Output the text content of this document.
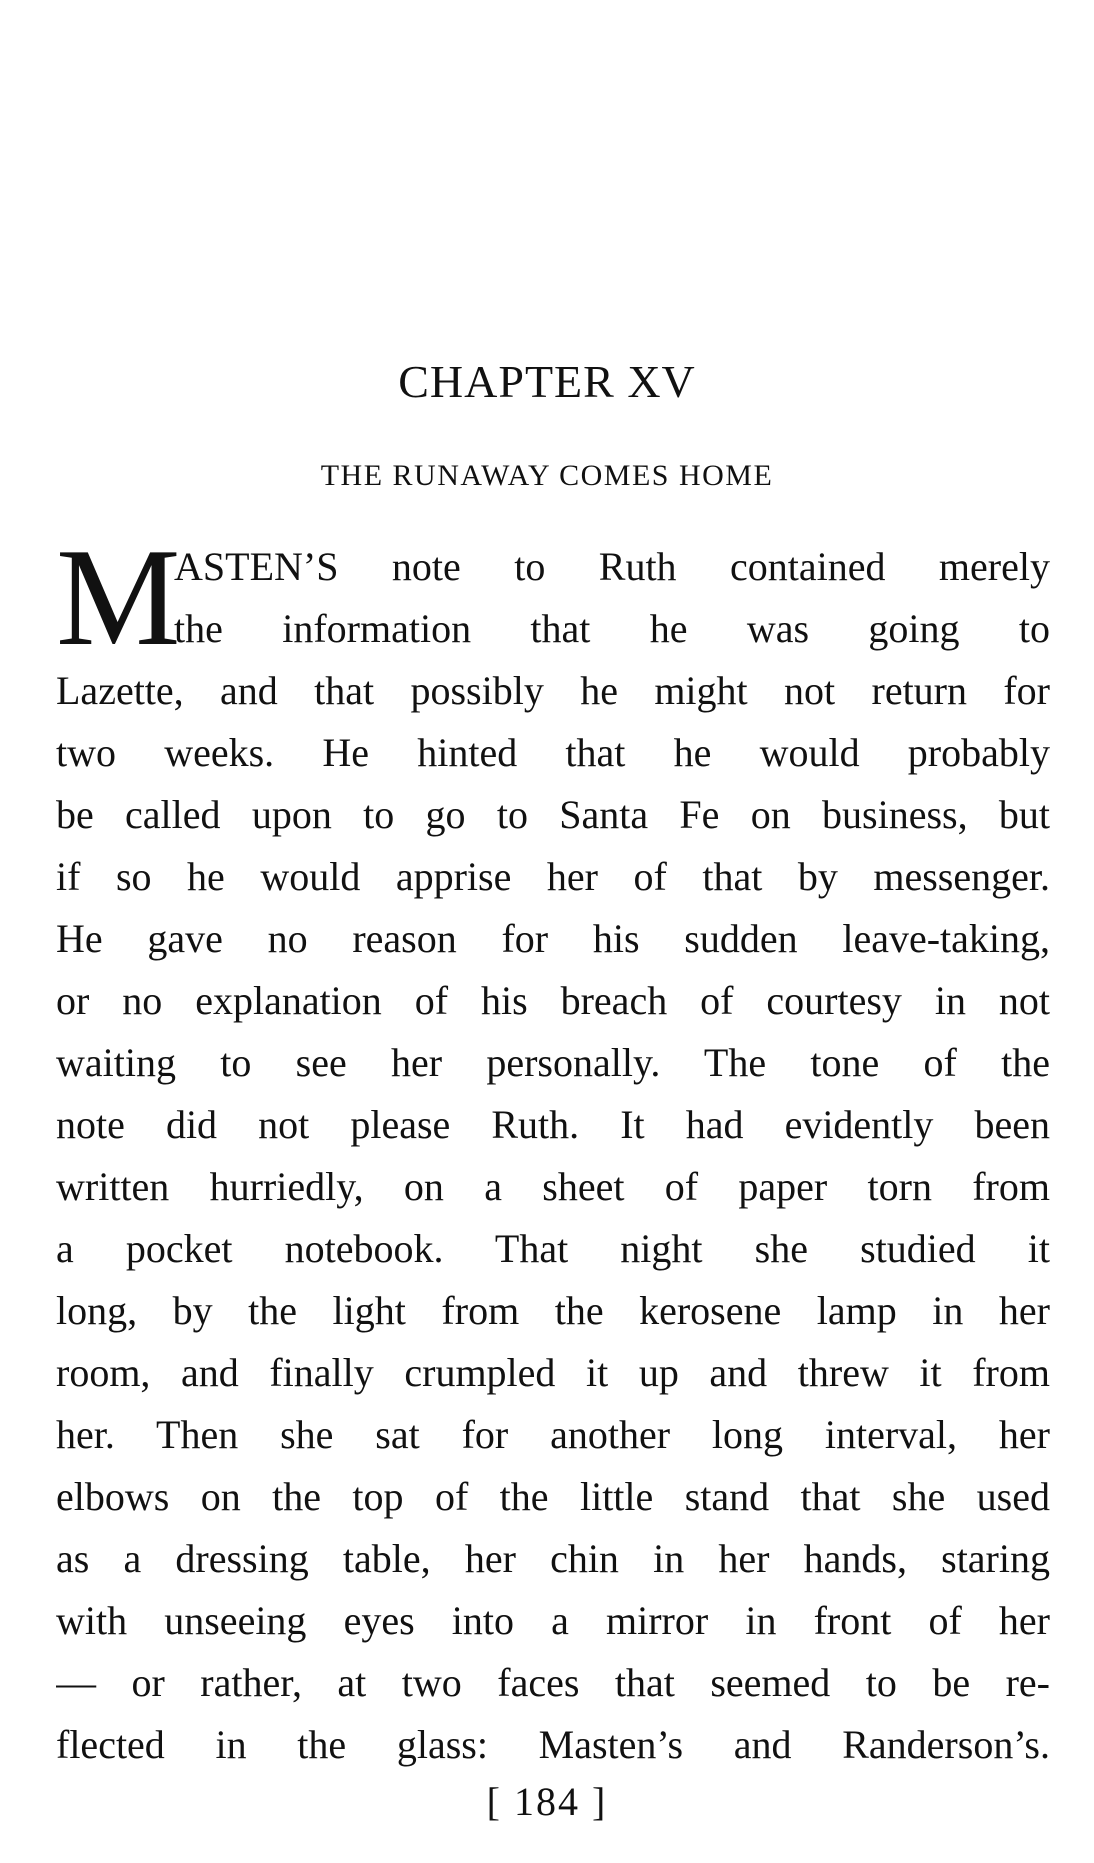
CHAPTER XV
THE RUNAWAY COMES HOME
M
ASTEN’S note to Ruth contained merely
the information that he was going to
Lazette, and that possibly he might not return for
two weeks. He hinted that he would probably
be called upon to go to Santa Fe on business, but
if so he would apprise her of that by messenger.
He gave no reason for his sudden leave-taking,
or no explanation of his breach of courtesy in not
waiting to see her personally. The tone of the
note did not please Ruth. It had evidently been
written hurriedly, on a sheet of paper torn from
a pocket notebook. That night she studied it
long, by the light from the kerosene lamp in her
room, and finally crumpled it up and threw it from
her. Then she sat for another long interval, her
elbows on the top of the little stand that she used
as a dressing table, her chin in her hands, staring
with unseeing eyes into a mirror in front of her
— or rather, at two faces that seemed to be re-
flected in the glass: Masten’s and Randerson’s.
[ 184 ]
